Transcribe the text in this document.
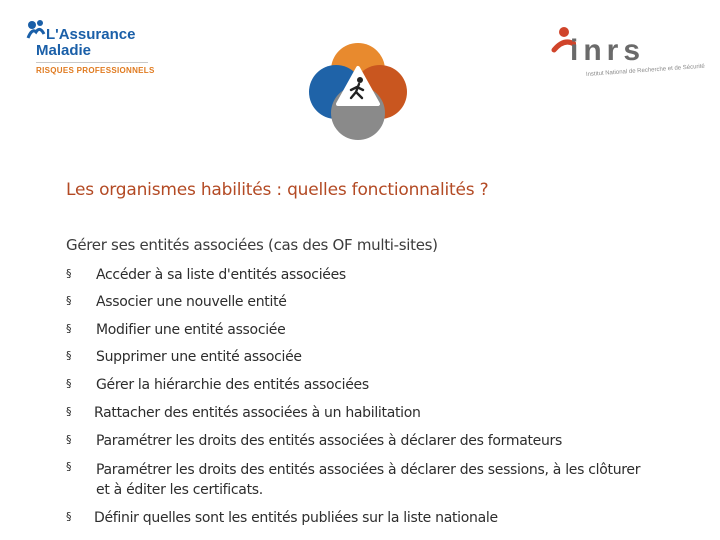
L'Assurance
Maladie
RISQUES PROFESSIONNELS
inrs
Institut National de Recherche et de Sécurité
Les organismes habilités : quelles fonctionnalités ?
Gérer ses entités associées (cas des OF multi-sites)
§ Accéder à sa liste d'entités associées
§ Associer une nouvelle entité
§ Modifier une entité associée
§ Supprimer une entité associée
§ Gérer la hiérarchie des entités associées
§ Rattacher des entités associées à un habilitation
§ Paramétrer les droits des entités associées à déclarer des formateurs
§ Paramétrer les droits des entités associées à déclarer des sessions, à les clôturer et à éditer les certificats.
§ Définir quelles sont les entités publiées sur la liste nationale
